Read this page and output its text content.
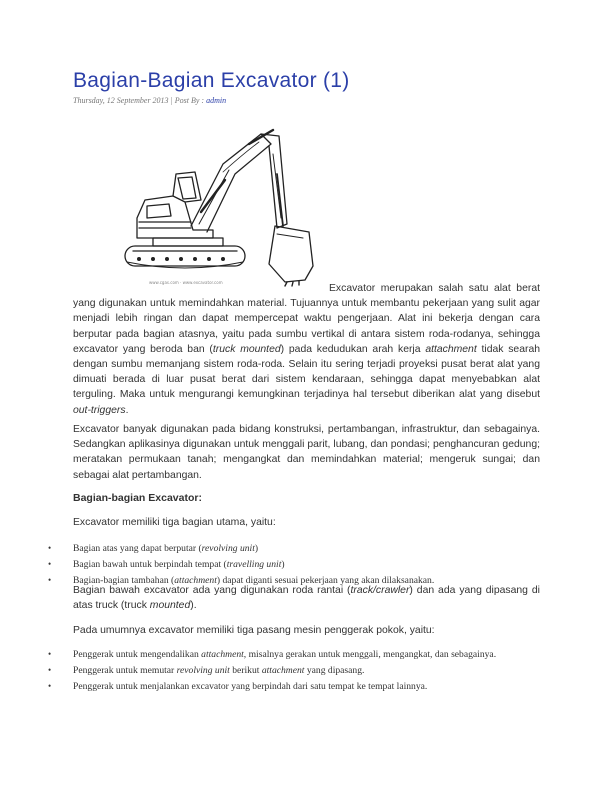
Bagian-Bagian Excavator (1)
Thursday, 12 September 2013 | Post By : admin
www.cgas.com · www.excavator.com
Excavator merupakan salah satu alat berat yang digunakan untuk memindahkan material. Tujuannya untuk membantu pekerjaan yang sulit agar menjadi lebih ringan dan dapat mempercepat waktu pengerjaan. Alat ini bekerja dengan cara berputar pada bagian atasnya, yaitu pada sumbu vertikal di antara sistem roda-rodanya, sehingga excavator yang beroda ban (truck mounted) pada kedudukan arah kerja attachment tidak searah dengan sumbu memanjang sistem roda-roda. Selain itu sering terjadi proyeksi pusat berat alat yang dimuati berada di luar pusat berat dari sistem kendaraan, sehingga dapat menyebabkan alat terguling. Maka untuk mengurangi kemungkinan terjadinya hal tersebut diberikan alat yang disebut out-triggers.

Excavator banyak digunakan pada bidang konstruksi, pertambangan, infrastruktur, dan sebagainya. Sedangkan aplikasinya digunakan untuk menggali parit, lubang, dan pondasi; penghancuran gedung; meratakan permukaan tanah; mengangkat dan memindahkan material; mengeruk sungai; dan sebagai alat pertambangan.

Bagian-bagian Excavator:
Excavator memiliki tiga bagian utama, yaitu:
• Bagian atas yang dapat berputar (revolving unit)
• Bagian bawah untuk berpindah tempat (travelling unit)
• Bagian-bagian tambahan (attachment) dapat diganti sesuai pekerjaan yang akan dilaksanakan.
Bagian bawah excavator ada yang digunakan roda rantai (track/crawler) dan ada yang dipasang di atas truck (truck mounted).
Pada umumnya excavator memiliki tiga pasang mesin penggerak pokok, yaitu:
• Penggerak untuk mengendalikan attachment, misalnya gerakan untuk menggali, mengangkat, dan sebagainya.
• Penggerak untuk memutar revolving unit berikut attachment yang dipasang.
• Penggerak untuk menjalankan excavator yang berpindah dari satu tempat ke tempat lainnya.
